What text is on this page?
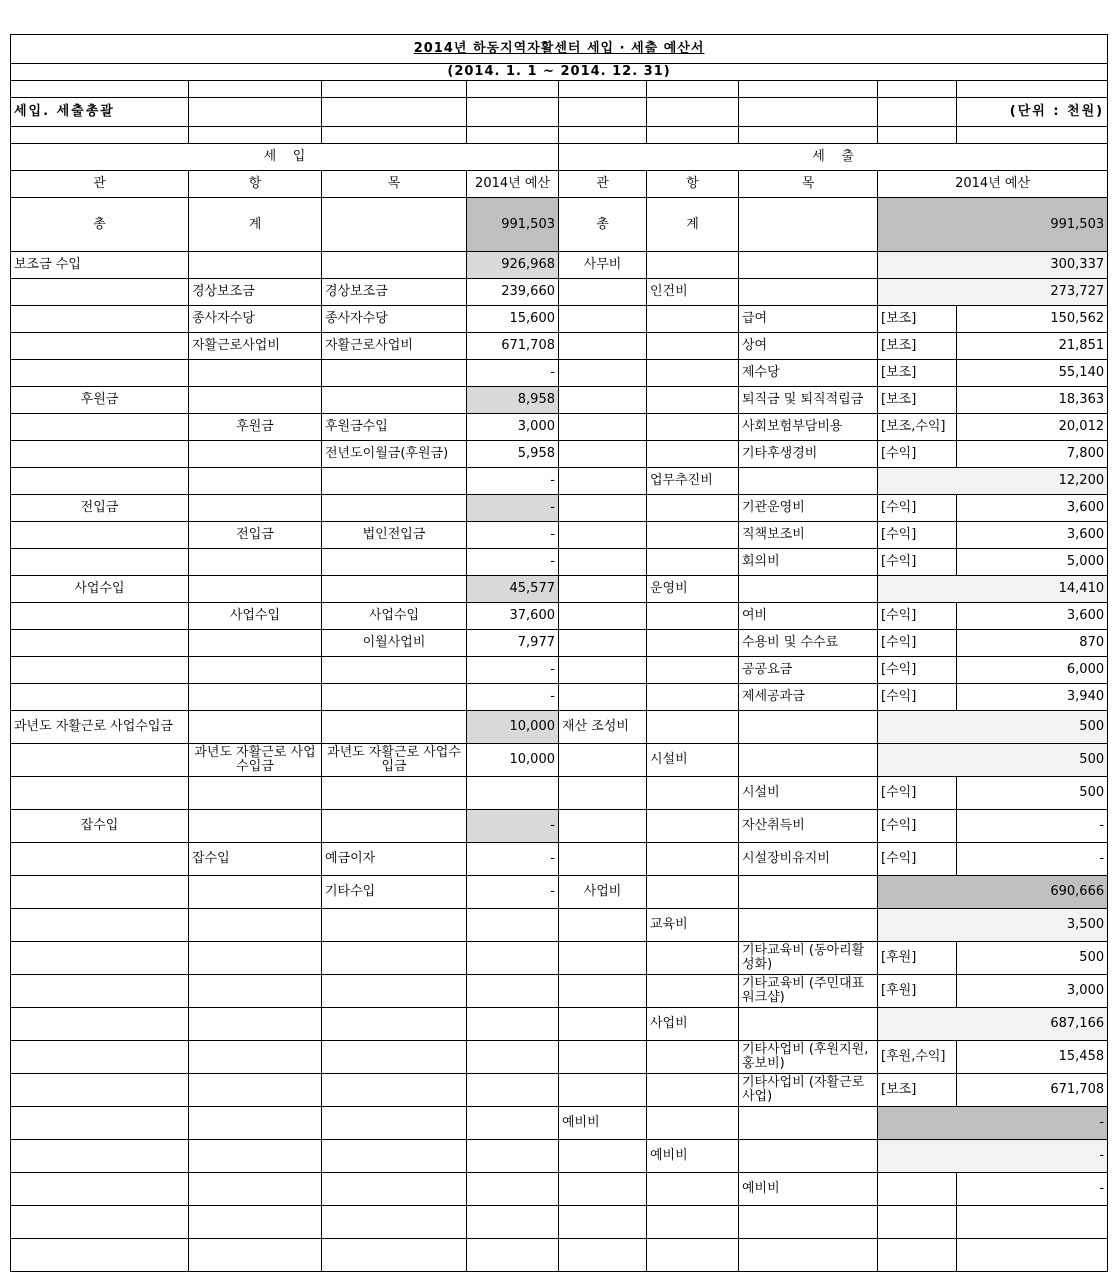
2014년 하동지역자활센터 세입 · 세출 예산서								
(2014. 1. 1 ~ 2014. 12. 31)								

세입. 세출총괄								(단위 : 천원)

세    입				세    출				
관	항	목	2014년 예산	관	항	목	2014년 예산	
총	계		991,503	총	계		991,503	
보조금 수입			926,968	사무비			300,337	
	경상보조금	경상보조금	239,660		인건비		273,727	
	종사자수당	종사자수당	15,600			급여	[보조]	150,562
	자활근로사업비	자활근로사업비	671,708			상여	[보조]	21,851
			-			제수당	[보조]	55,140
후원금			8,958			퇴직금 및 퇴직적립금	[보조]	18,363
	후원금	후원금수입	3,000			사회보험부담비용	[보조,수익]	20,012
		전년도이월금(후원금)	5,958			기타후생경비	[수익]	7,800
			-		업무추진비		12,200	
전입금			-			기관운영비	[수익]	3,600
	전입금	법인전입금	-			직책보조비	[수익]	3,600
			-			회의비	[수익]	5,000
사업수입			45,577		운영비		14,410	
	사업수입	사업수입	37,600			여비	[수익]	3,600
		이월사업비	7,977			수용비 및 수수료	[수익]	870
			-			공공요금	[수익]	6,000
			-			제세공과금	[수익]	3,940
과년도 자활근로 사업수입금			10,000	재산 조성비			500	
	과년도 자활근로 사업수입금	과년도 자활근로 사업수입금	10,000		시설비		500	
						시설비	[수익]	500
잡수입			-			자산취득비	[수익]	-
	잡수입	예금이자	-			시설장비유지비	[수익]	-
		기타수입	-	사업비			690,666	
					교육비		3,500	
						기타교육비 (동아리활성화)	[후원]	500
						기타교육비 (주민대표워크샵)	[후원]	3,000
					사업비		687,166	
						기타사업비 (후원지원,홍보비)	[후원,수익]	15,458
						기타사업비 (자활근로사업)	[보조]	671,708
				예비비			-	
					예비비		-	
						예비비		-
